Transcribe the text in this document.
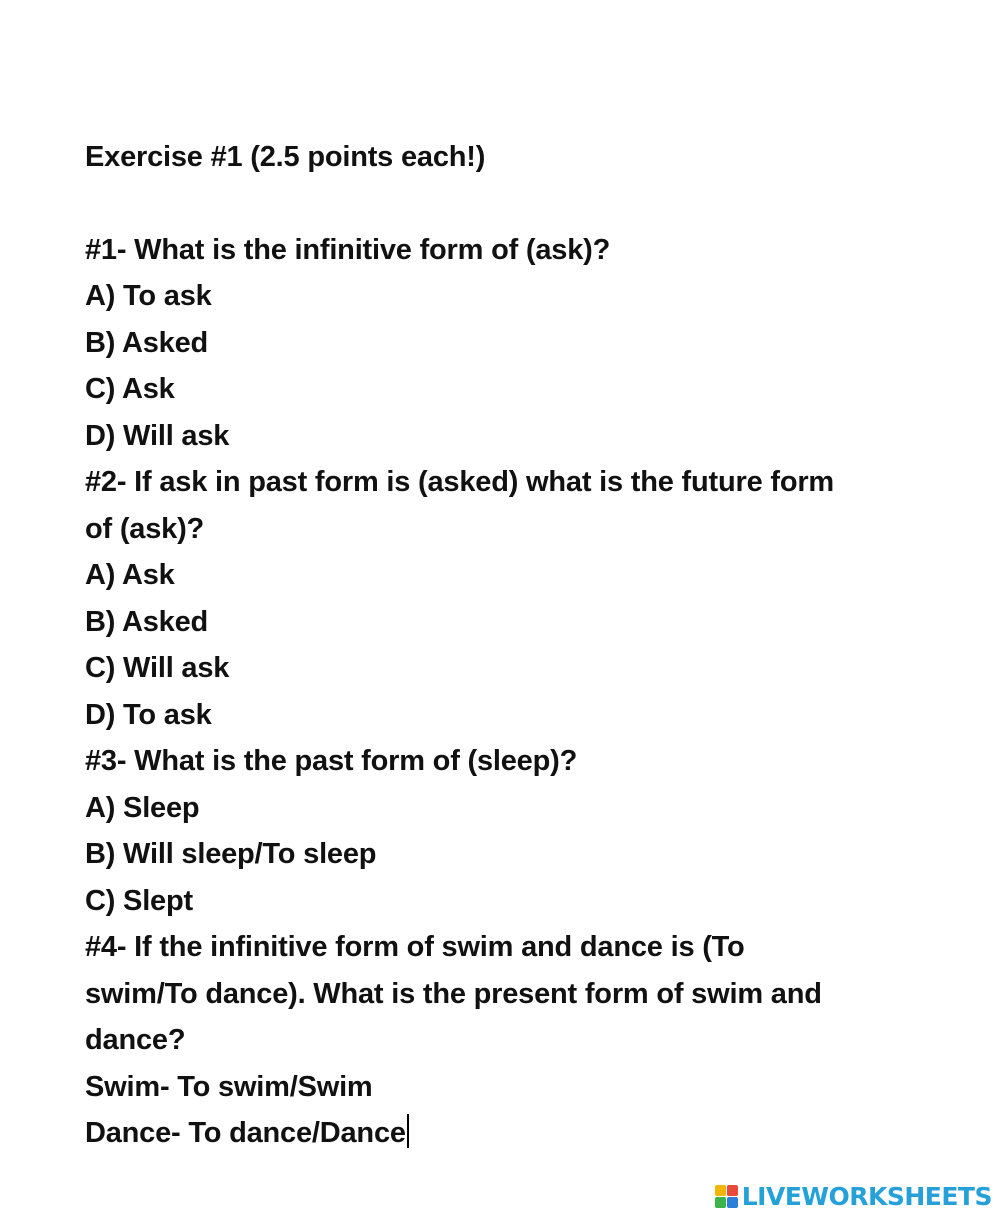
Exercise #1 (2.5 points each!)
#1- What is the infinitive form of (ask)?
A) To ask
B) Asked
C) Ask
D) Will ask
#2- If ask in past form is (asked) what is the future form
of (ask)?
A) Ask
B) Asked
C) Will ask
D) To ask
#3- What is the past form of (sleep)?
A) Sleep
B) Will sleep/To sleep
C) Slept
#4- If the infinitive form of swim and dance is (To
swim/To dance). What is the present form of swim and
dance?
Swim- To swim/Swim
Dance- To dance/Dance
LIVEWORKSHEETS
